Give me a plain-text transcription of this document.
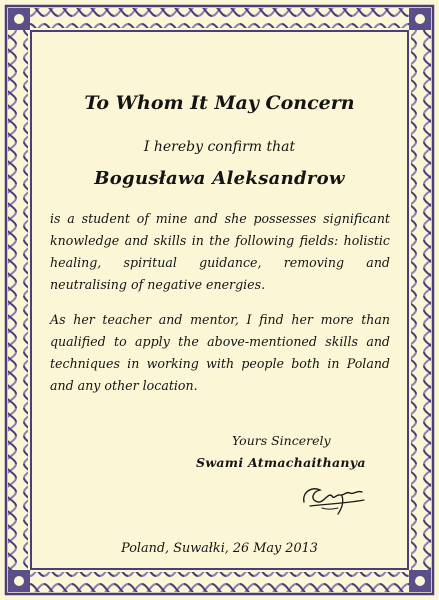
To Whom It May Concern
I hereby confirm that
Bogusława Aleksandrow
is a student of mine and she possesses significant knowledge and skills in the following fields: holistic healing, spiritual guidance, removing and neutralising of negative energies.
As her teacher and mentor, I find her more than qualified to apply the above-mentioned skills and techniques in working with people both in Poland and any other location.
Yours Sincerely
Swami Atmachaithanya
Poland, Suwałki, 26 May 2013
